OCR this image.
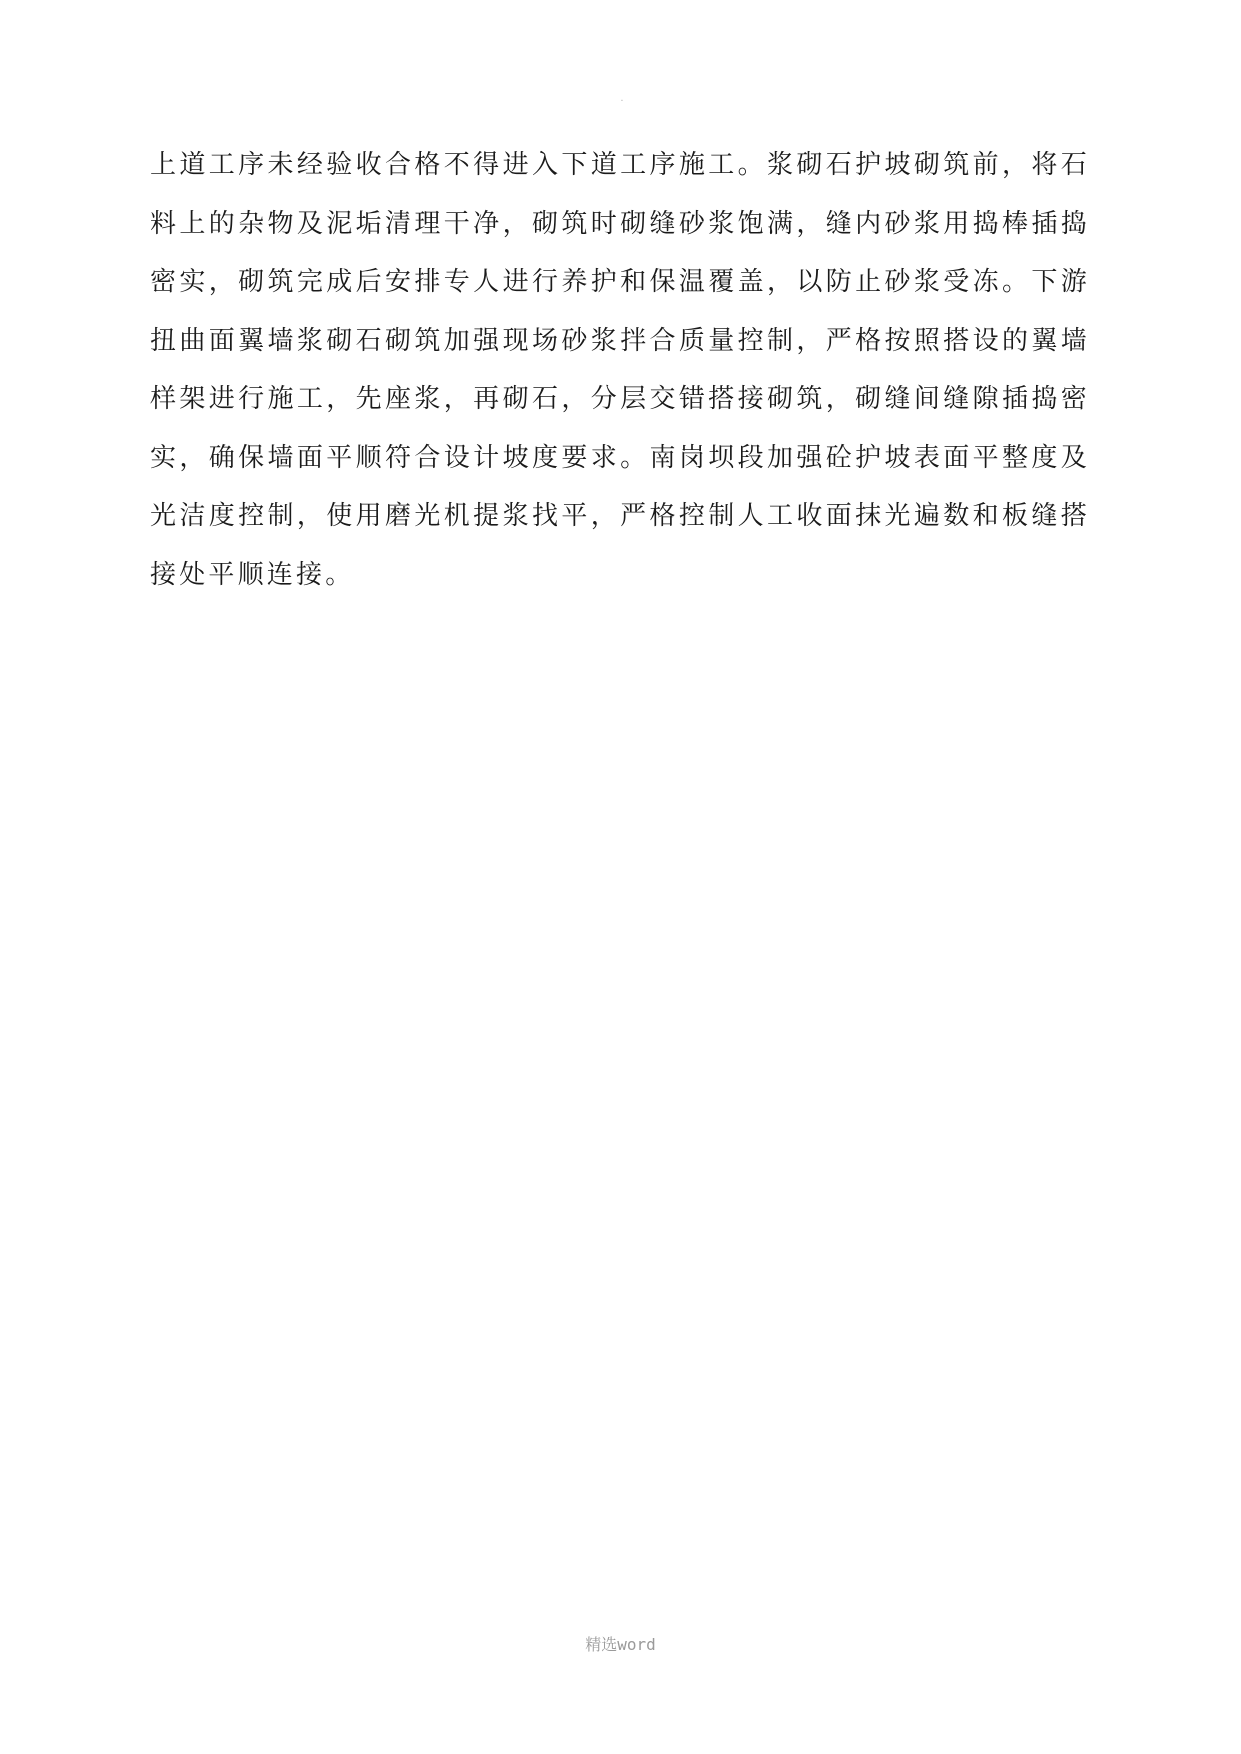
·

上道工序未经验收合格不得进入下道工序施工。浆砌石护坡砌筑前，将石料上的杂物及泥垢清理干净，砌筑时砌缝砂浆饱满，缝内砂浆用捣棒插捣密实，砌筑完成后安排专人进行养护和保温覆盖，以防止砂浆受冻。下游扭曲面翼墙浆砌石砌筑加强现场砂浆拌合质量控制，严格按照搭设的翼墙样架进行施工，先座浆，再砌石，分层交错搭接砌筑，砌缝间缝隙插捣密实，确保墙面平顺符合设计坡度要求。南岗坝段加强砼护坡表面平整度及光洁度控制，使用磨光机提浆找平，严格控制人工收面抹光遍数和板缝搭接处平顺连接。

精选word
